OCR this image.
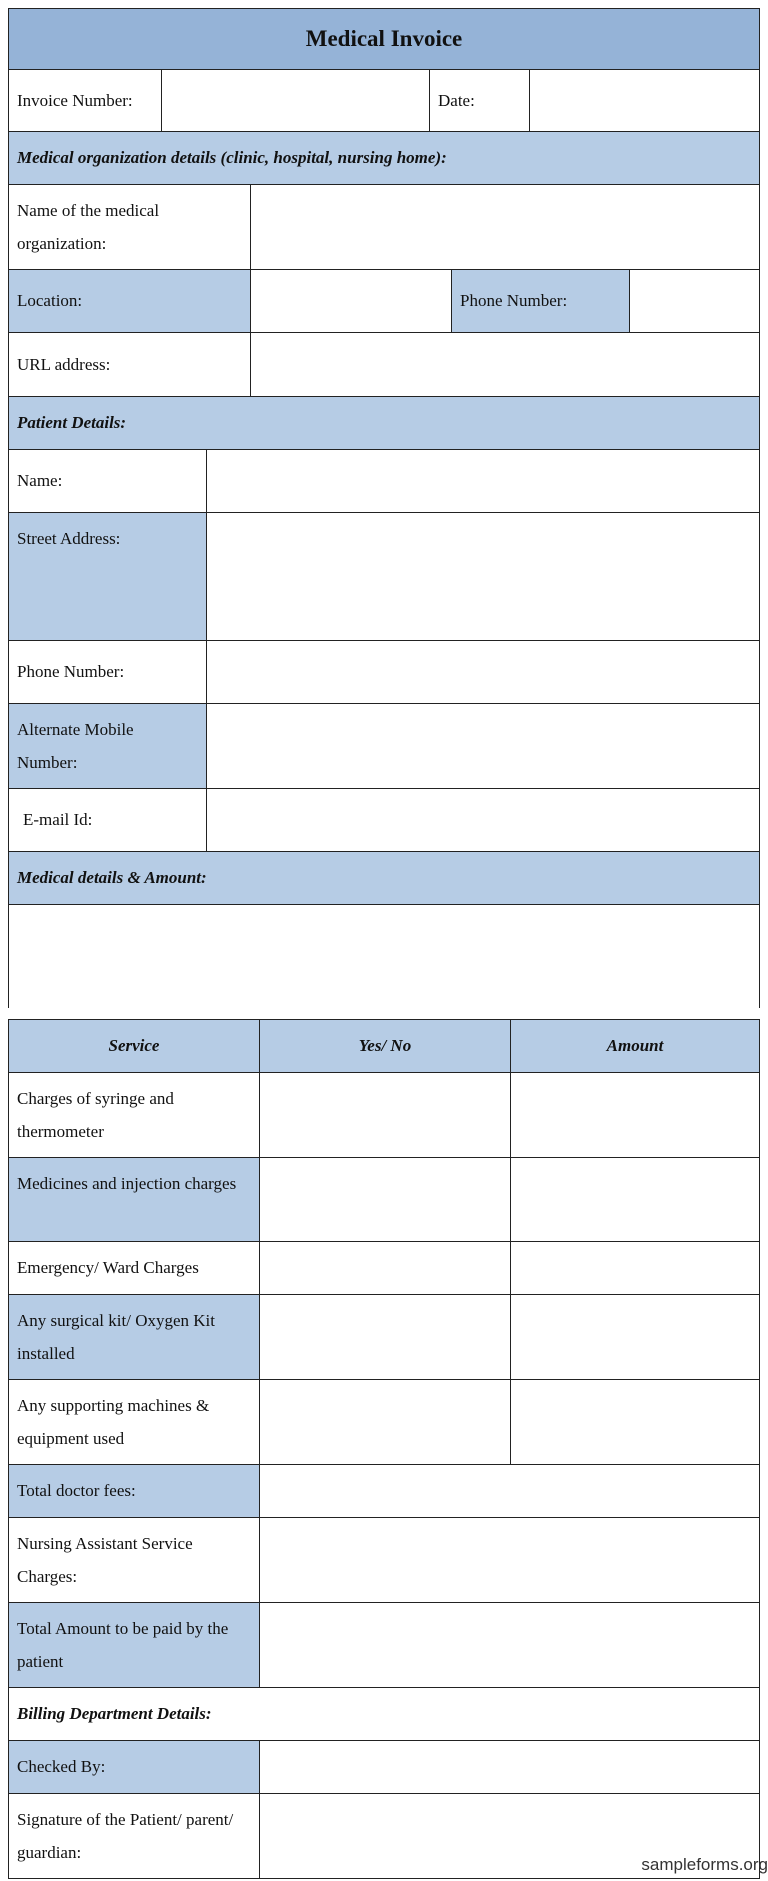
Medical Invoice
Invoice Number:	Date:
Medical organization details (clinic, hospital, nursing home):
Name of the medical organization:
Location:	Phone Number:
URL address:
Patient Details:
Name:
Street Address:
Phone Number:
Alternate Mobile Number:
E-mail Id:
Medical details & Amount:
Service	Yes/ No	Amount
Charges of syringe and thermometer
Medicines and injection charges
Emergency/ Ward Charges
Any surgical kit/ Oxygen Kit installed
Any supporting machines & equipment used
Total doctor fees:
Nursing Assistant Service Charges:
Total Amount to be paid by the patient
Billing Department Details:
Checked By:
Signature of the Patient/ parent/ guardian:
sampleforms.org
